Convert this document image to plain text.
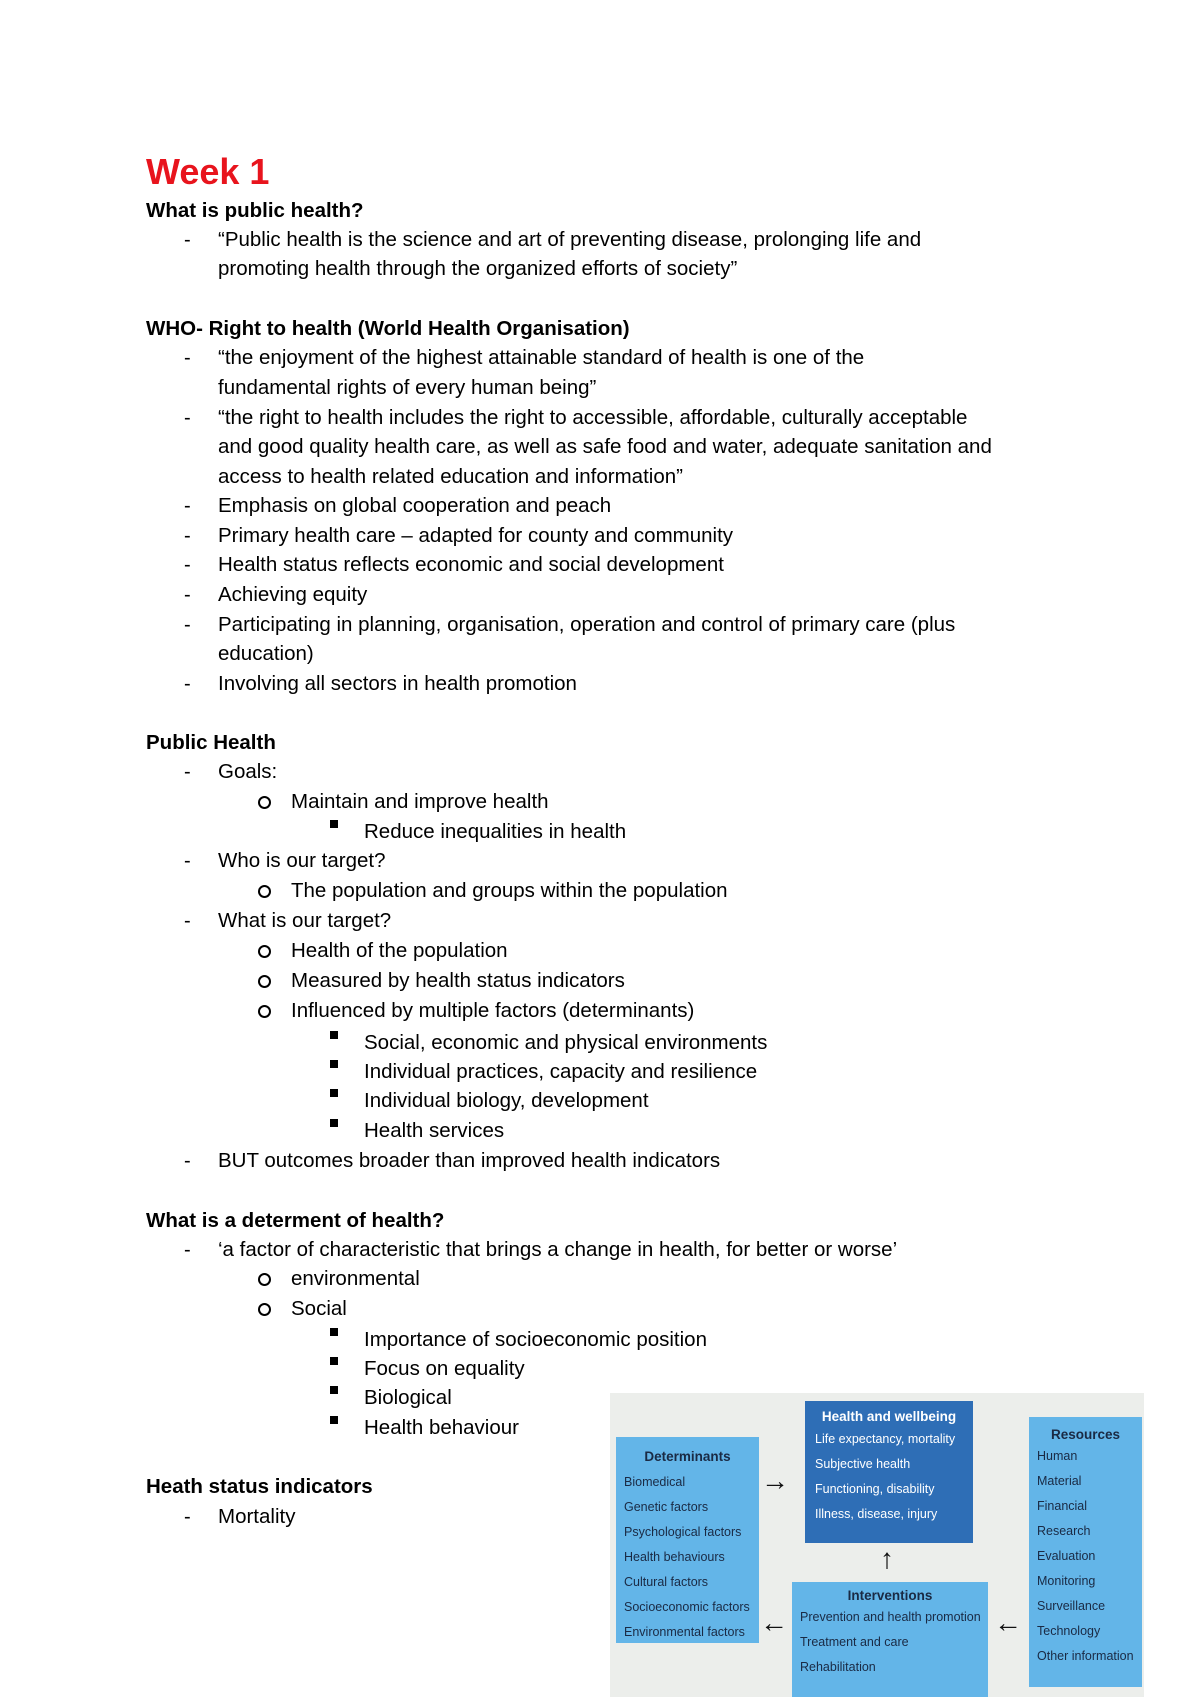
Week 1
What is public health?
- “Public health is the science and art of preventing disease, prolonging life and
promoting health through the organized efforts of society”
WHO- Right to health (World Health Organisation)
- “the enjoyment of the highest attainable standard of health is one of the
fundamental rights of every human being”
- “the right to health includes the right to accessible, affordable, culturally acceptable
and good quality health care, as well as safe food and water, adequate sanitation and
access to health related education and information”
- Emphasis on global cooperation and peach
- Primary health care – adapted for county and community
- Health status reflects economic and social development
- Achieving equity
- Participating in planning, organisation, operation and control of primary care (plus
education)
- Involving all sectors in health promotion
Public Health
- Goals:
Maintain and improve health
Reduce inequalities in health
- Who is our target?
The population and groups within the population
- What is our target?
Health of the population
Measured by health status indicators
Influenced by multiple factors (determinants)
Social, economic and physical environments
Individual practices, capacity and resilience
Individual biology, development
Health services
- BUT outcomes broader than improved health indicators
What is a determent of health?
- ‘a factor of characteristic that brings a change in health, for better or worse’
environmental
Social
Importance of socioeconomic position
Focus on equality
Biological
Health behaviour
Heath status indicators
- Mortality
Determinants
Biomedical
Genetic factors
Psychological factors
Health behaviours
Cultural factors
Socioeconomic factors
Environmental factors
Health and wellbeing
Life expectancy, mortality
Subjective health
Functioning, disability
Illness, disease, injury
Resources
Human
Material
Financial
Research
Evaluation
Monitoring
Surveillance
Technology
Other information
Interventions
Prevention and health promotion
Treatment and care
Rehabilitation
→
↑
←	←
